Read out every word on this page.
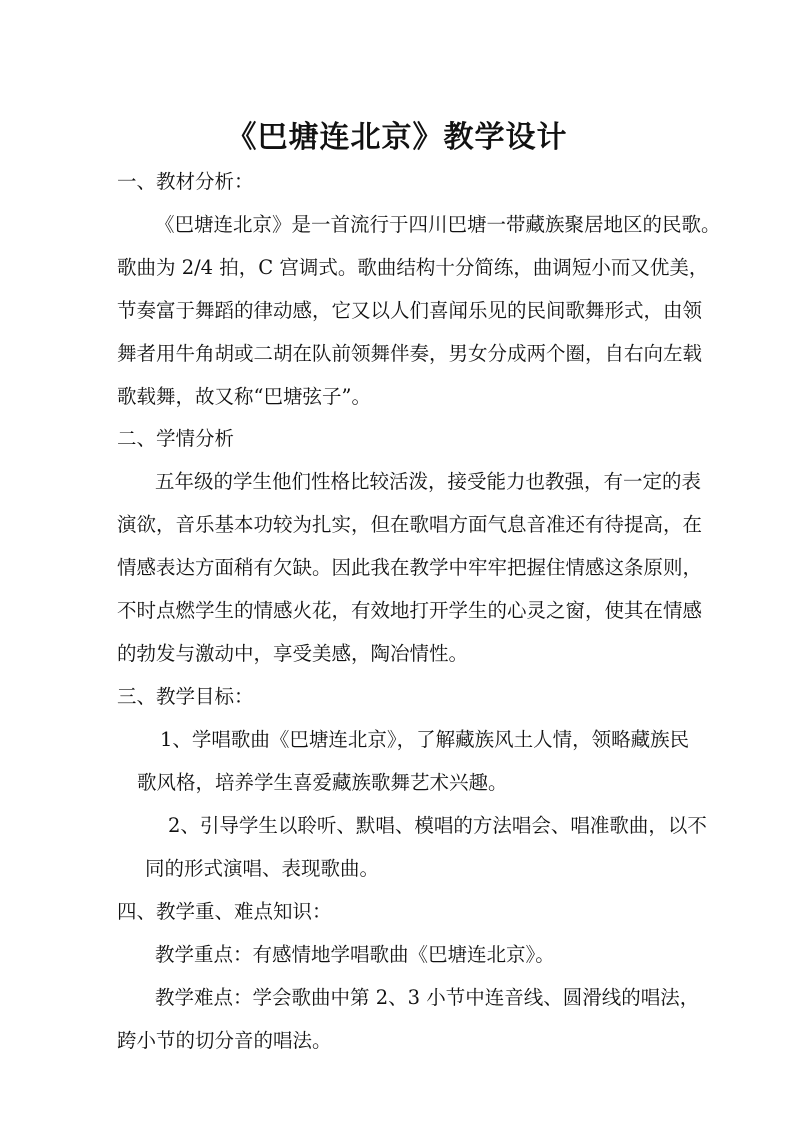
《巴塘连北京》教学设计
一、教材分析：
《巴塘连北京》是一首流行于四川巴塘一带藏族聚居地区的民歌。
歌曲为 2/4 拍，C 宫调式。歌曲结构十分简练，曲调短小而又优美，
节奏富于舞蹈的律动感，它又以人们喜闻乐见的民间歌舞形式，由领
舞者用牛角胡或二胡在队前领舞伴奏，男女分成两个圈，自右向左载
歌载舞，故又称“巴塘弦子”。
二、学情分析
五年级的学生他们性格比较活泼，接受能力也教强，有一定的表
演欲，音乐基本功较为扎实，但在歌唱方面气息音准还有待提高，在
情感表达方面稍有欠缺。因此我在教学中牢牢把握住情感这条原则，
不时点燃学生的情感火花，有效地打开学生的心灵之窗，使其在情感
的勃发与激动中，享受美感，陶冶情性。
三、教学目标：
1、学唱歌曲《巴塘连北京》，了解藏族风土人情，领略藏族民
歌风格，培养学生喜爱藏族歌舞艺术兴趣。
2、引导学生以聆听、默唱、模唱的方法唱会、唱准歌曲，以不
同的形式演唱、表现歌曲。
四、教学重、难点知识：
教学重点：有感情地学唱歌曲《巴塘连北京》。
教学难点：学会歌曲中第 2、3 小节中连音线、圆滑线的唱法，
跨小节的切分音的唱法。
